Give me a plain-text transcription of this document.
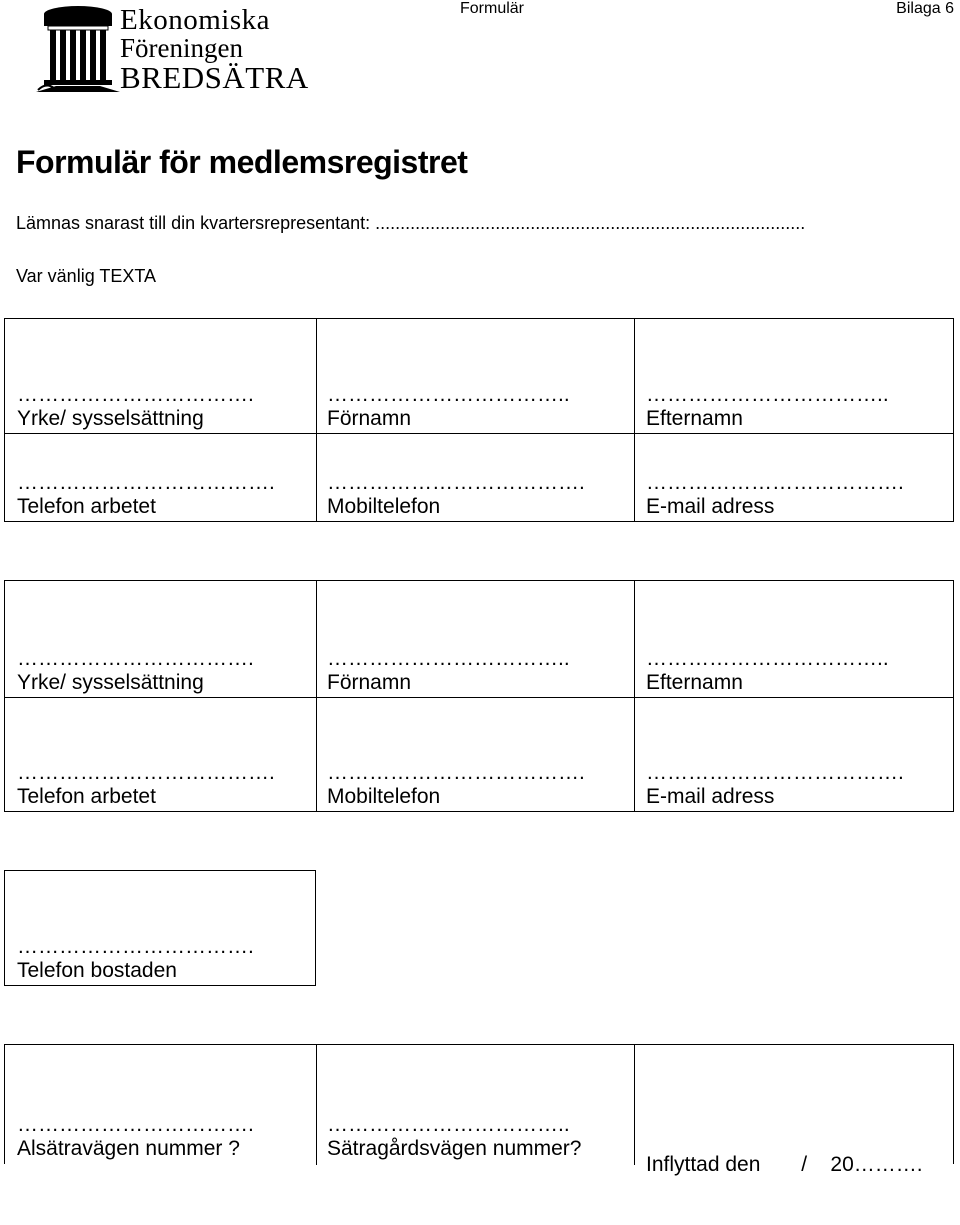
Formulär	Bilaga 6
Ekonomiska
Föreningen
BREDSÄTRA
Formulär för medlemsregistret
Lämnas snarast till din kvartersrepresentant: ......................................................................................
Var vänlig TEXTA
…………………………….
Yrke/ sysselsättning
……………………………..
Förnamn
……………………………..
Efternamn
……………………………….
Telefon arbetet
……………………………….
Mobiltelefon
……………………………….
E-mail adress
…………………………….
Yrke/ sysselsättning
……………………………..
Förnamn
……………………………..
Efternamn
……………………………….
Telefon arbetet
……………………………….
Mobiltelefon
……………………………….
E-mail adress
…………………………….
Telefon bostaden
…………………………….
Alsätravägen nummer ?
……………………………..
Sätragårdsvägen nummer?

Inflyttad den       /    20……….
